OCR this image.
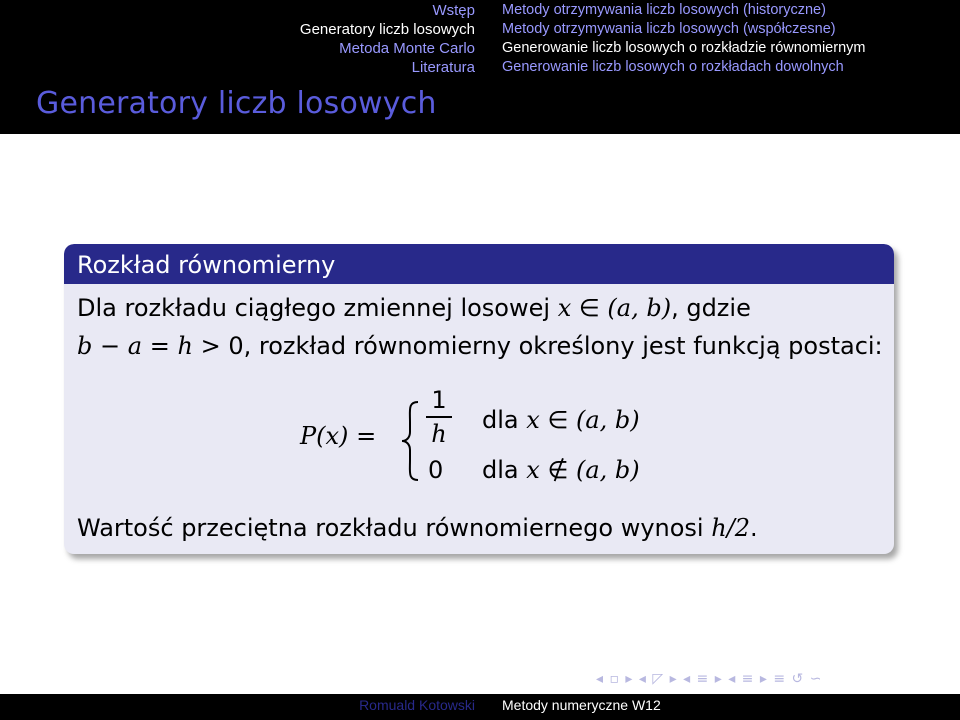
Wstęp
Generatory liczb losowych
Metoda Monte Carlo
Literatura
Metody otrzymywania liczb losowych (historyczne)
Metody otrzymywania liczb losowych (współczesne)
Generowanie liczb losowych o rozkładzie równomiernym
Generowanie liczb losowych o rozkładach dowolnych
Generatory liczb losowych
Rozkład równomierny
Dla rozkładu ciągłego zmiennej losowej x ∈ (a, b), gdzie
b − a = h > 0, rozkład równomierny określony jest funkcją postaci:
P(x) =
1
h
0
dla x ∈ (a, b)
dla x ∉ (a, b)
Wartość przeciętna rozkładu równomiernego wynosi h/2.
◂ ▫ ▸ ◂ ◸ ▸ ◂ ≡ ▸ ◂ ≡ ▸ ≡ ↺ ∽
Romuald Kotowski Metody numeryczne W12
